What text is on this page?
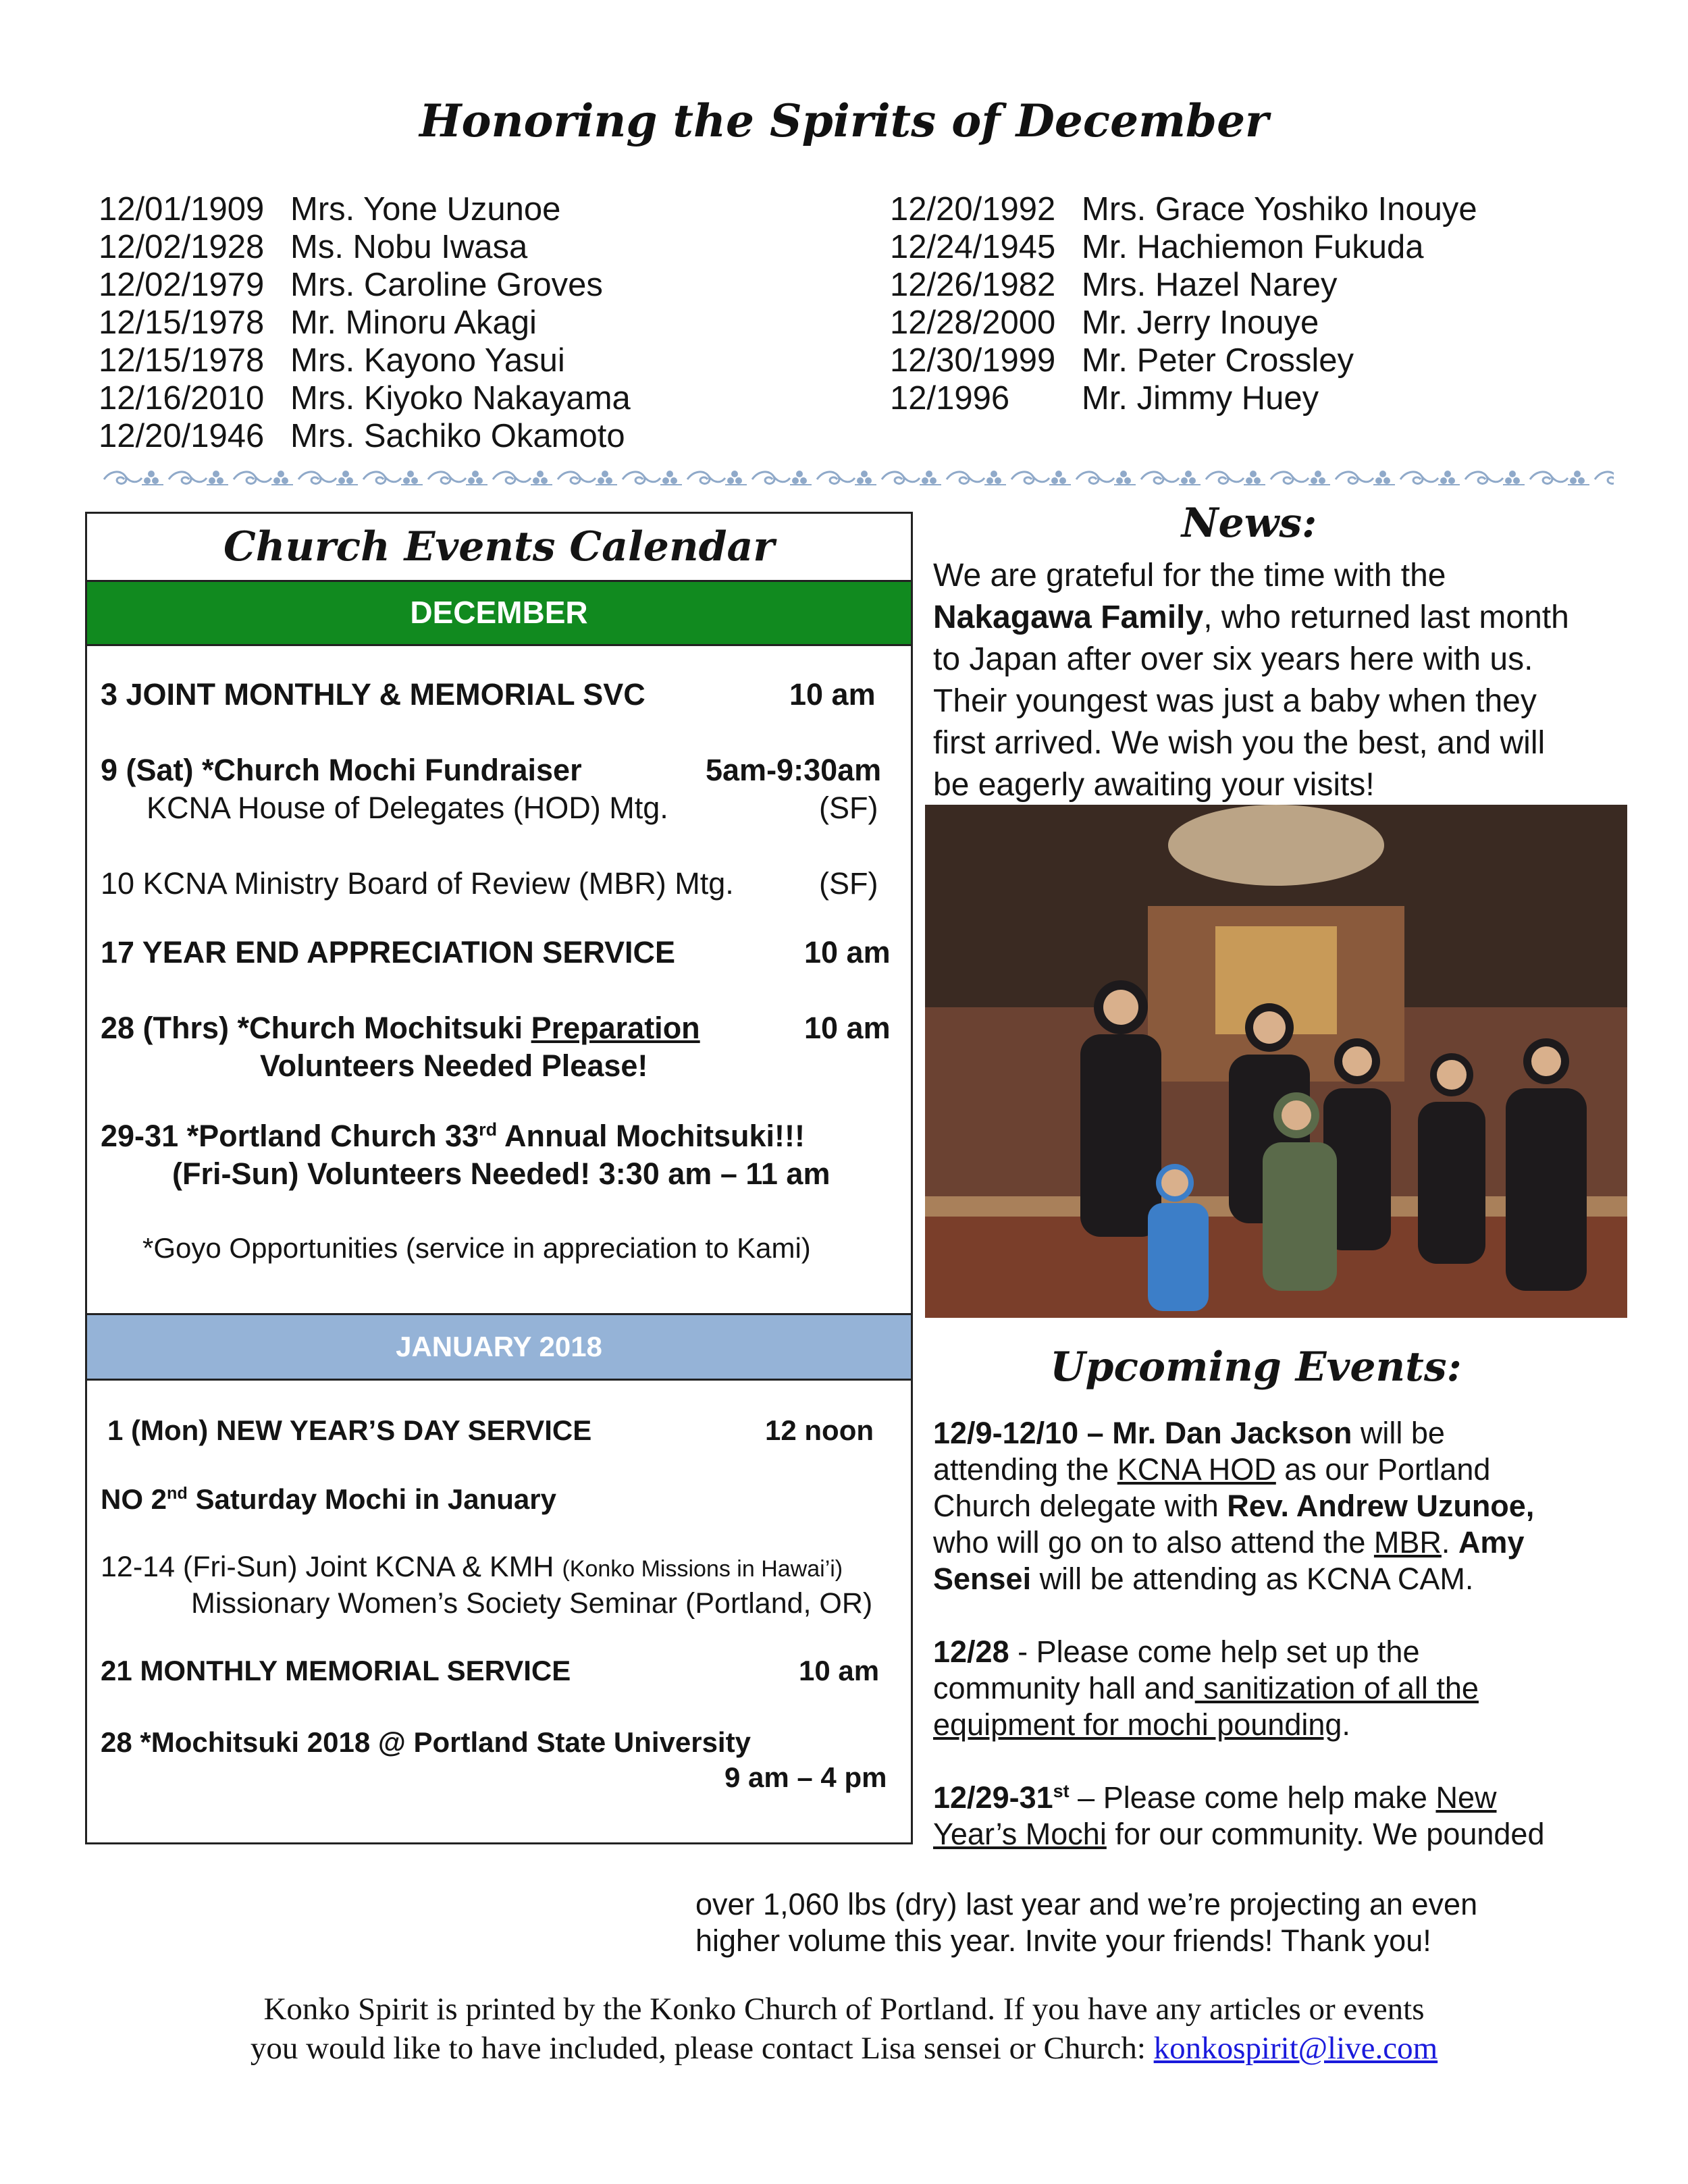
Honoring the Spirits of December
12/01/1909 Mrs. Yone Uzunoe
12/02/1928 Ms. Nobu Iwasa
12/02/1979 Mrs. Caroline Groves
12/15/1978 Mr. Minoru Akagi
12/15/1978 Mrs. Kayono Yasui
12/16/2010 Mrs. Kiyoko Nakayama
12/20/1946 Mrs. Sachiko Okamoto
12/20/1992 Mrs. Grace Yoshiko Inouye
12/24/1945 Mr. Hachiemon Fukuda
12/26/1982 Mrs. Hazel Narey
12/28/2000 Mr. Jerry Inouye
12/30/1999 Mr. Peter Crossley
12/1996 Mr. Jimmy Huey
Church Events Calendar
DECEMBER
3 JOINT MONTHLY & MEMORIAL SVC	10 am
9 (Sat) *Church Mochi Fundraiser	5am-9:30am
KCNA House of Delegates (HOD) Mtg.	(SF)
10 KCNA Ministry Board of Review (MBR) Mtg.	(SF)
17 YEAR END APPRECIATION SERVICE	10 am
28 (Thrs) *Church Mochitsuki Preparation	10 am
Volunteers Needed Please!
29-31 *Portland Church 33rd Annual Mochitsuki!!!
(Fri-Sun) Volunteers Needed! 3:30 am – 11 am
*Goyo Opportunities (service in appreciation to Kami)
JANUARY 2018
1 (Mon) NEW YEAR’S DAY SERVICE	12 noon
NO 2nd Saturday Mochi in January
12-14 (Fri-Sun) Joint KCNA & KMH (Konko Missions in Hawai’i)
Missionary Women’s Society Seminar (Portland, OR)
21 MONTHLY MEMORIAL SERVICE	10 am
28 *Mochitsuki 2018 @ Portland State University
9 am – 4 pm
News:
We are grateful for the time with the
Nakagawa Family, who returned last month
to Japan after over six years here with us.
Their youngest was just a baby when they
first arrived. We wish you the best, and will
be eagerly awaiting your visits!
Upcoming Events:
12/9-12/10 – Mr. Dan Jackson will be
attending the KCNA HOD as our Portland
Church delegate with Rev. Andrew Uzunoe,
who will go on to also attend the MBR. Amy
Sensei will be attending as KCNA CAM.
12/28 - Please come help set up the
community hall and sanitization of all the
equipment for mochi pounding.
12/29-31st – Please come help make New
Year’s Mochi for our community. We pounded
over 1,060 lbs (dry) last year and we’re projecting an even
higher volume this year. Invite your friends! Thank you!
Konko Spirit is printed by the Konko Church of Portland. If you have any articles or events
you would like to have included, please contact Lisa sensei or Church: konkospirit@live.com
